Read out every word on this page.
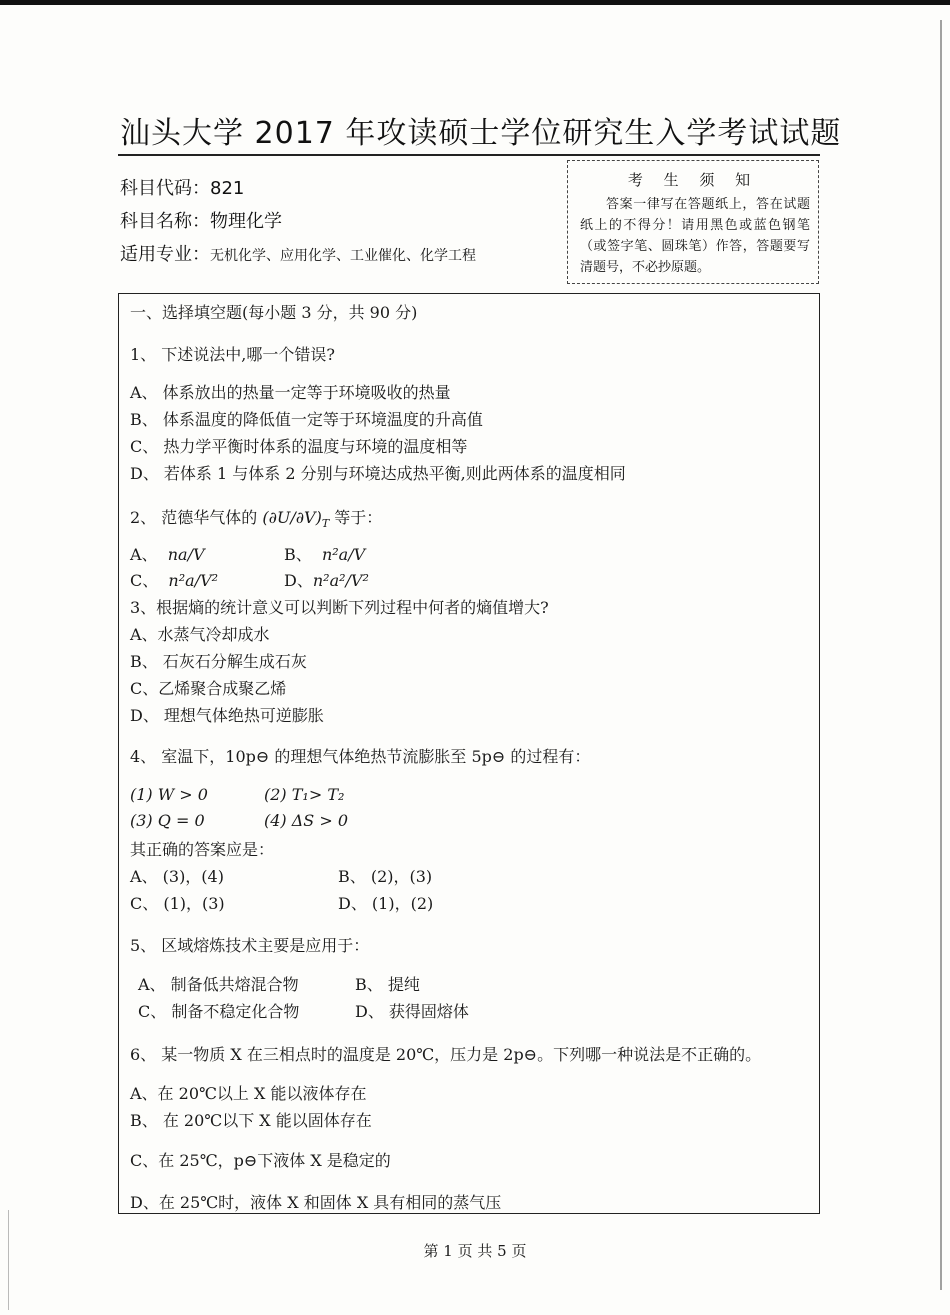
汕头大学 2017 年攻读硕士学位研究生入学考试试题
科目代码：821
科目名称：物理化学
适用专业：无机化学、应用化学、工业催化、化学工程
考 生 须 知
答案一律写在答题纸上，答在试题纸上的不得分！请用黑色或蓝色钢笔（或签字笔、圆珠笔）作答，答题要写清题号，不必抄原题。
一、选择填空题(每小题 3 分，共 90 分)
1、 下述说法中,哪一个错误?
A、 体系放出的热量一定等于环境吸收的热量
B、 体系温度的降低值一定等于环境温度的升高值
C、 热力学平衡时体系的温度与环境的温度相等
D、 若体系 1 与体系 2 分别与环境达成热平衡,则此两体系的温度相同
2、 范德华气体的 $(\partial U/\partial V)_T$ 等于：
A、 na/V	B、 n²a/V
C、 n²a/V²	D、n²a²/V²
3、根据熵的统计意义可以判断下列过程中何者的熵值增大?
A、水蒸气冷却成水
B、 石灰石分解生成石灰
C、乙烯聚合成聚乙烯
D、 理想气体绝热可逆膨胀
4、 室温下，10p⊖ 的理想气体绝热节流膨胀至 5p⊖ 的过程有：
(1) W > 0	(2) T₁> T₂
(3) Q = 0	(4) ΔS > 0
其正确的答案应是：
A、 (3)，(4)	B、 (2)，(3)
C、 (1)，(3)	D、 (1)，(2)
5、 区域熔炼技术主要是应用于：
A、 制备低共熔混合物	B、 提纯
C、 制备不稳定化合物	D、 获得固熔体
6、 某一物质 X 在三相点时的温度是 20℃，压力是 2p⊖。下列哪一种说法是不正确的。
A、在 20℃以上 X 能以液体存在
B、 在 20℃以下 X 能以固体存在
C、在 25℃，p⊖下液体 X 是稳定的
D、在 25℃时，液体 X 和固体 X 具有相同的蒸气压
第 1 页 共 5 页
